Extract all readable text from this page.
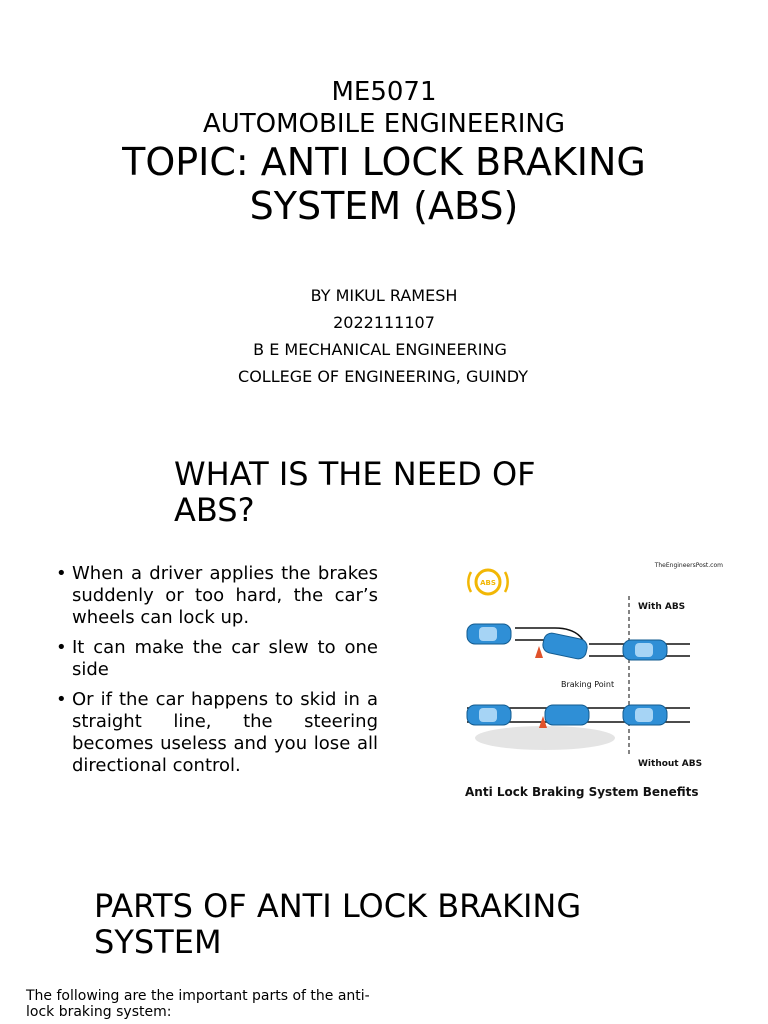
ME5071
AUTOMOBILE ENGINEERING
TOPIC: ANTI LOCK BRAKING SYSTEM (ABS)
BY MIKUL RAMESH
2022111107
B E MECHANICAL ENGINEERING
COLLEGE OF ENGINEERING, GUINDY
WHAT IS THE NEED OF ABS?
• When a driver applies the brakes suddenly or too hard, the car’s wheels can lock up.
• It can make the car slew to one side
• Or if the car happens to skid in a straight line, the steering becomes useless and you lose all directional control.
ABS
TheEngineersPost.com
With ABS
Braking Point
Without ABS
Anti Lock Braking System Benefits
PARTS OF ANTI LOCK BRAKING SYSTEM
The following are the important parts of the anti-lock braking system:
